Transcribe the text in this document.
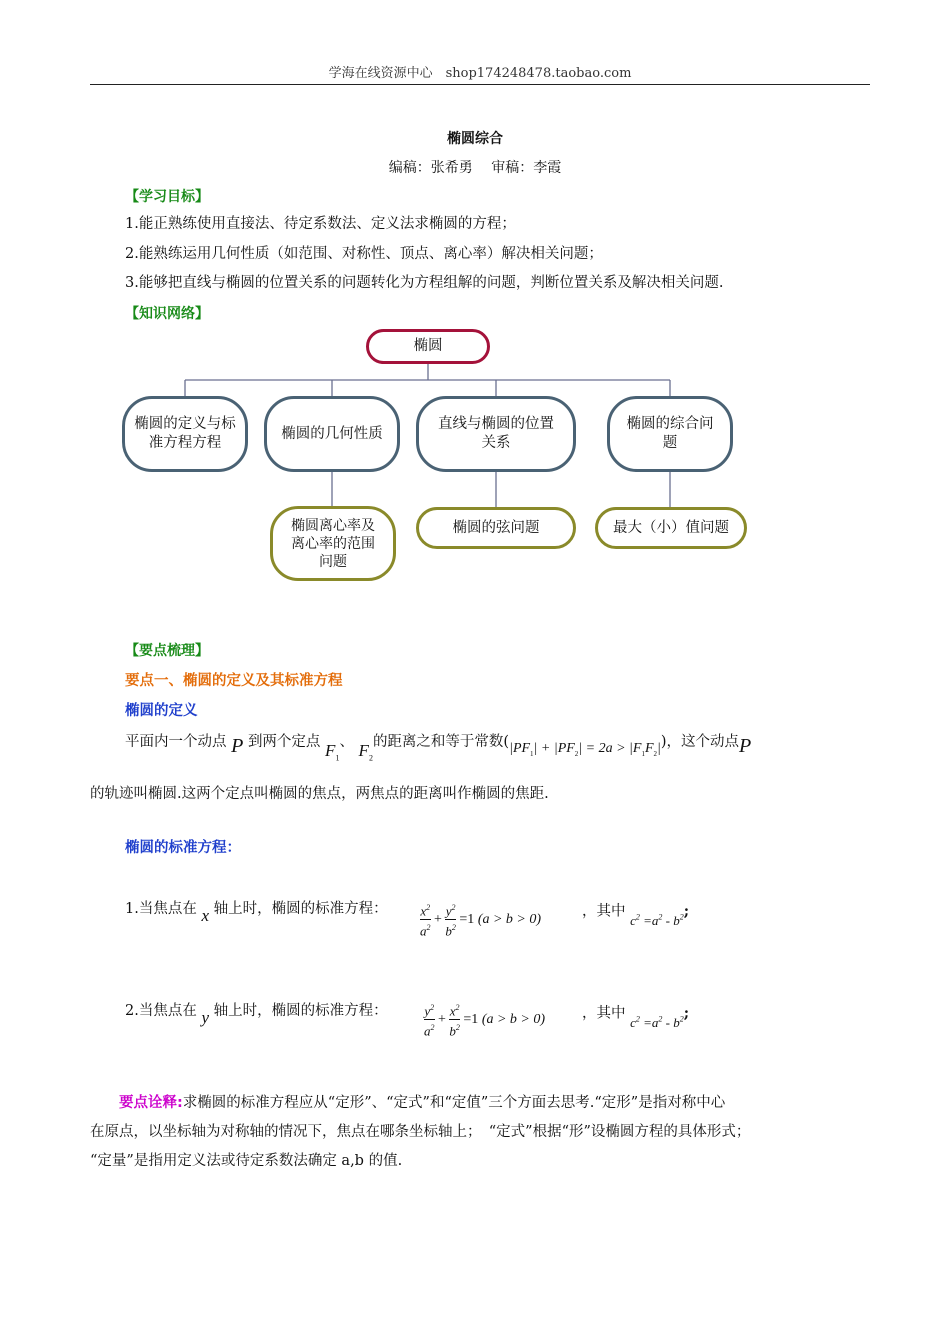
学海在线资源中心　shop174248478.taobao.com
椭圆综合
编稿：张希勇　 审稿：李霞
【学习目标】
1.能正熟练使用直接法、待定系数法、定义法求椭圆的方程；
2.能熟练运用几何性质（如范围、对称性、顶点、离心率）解决相关问题；
3.能够把直线与椭圆的位置关系的问题转化为方程组解的问题，判断位置关系及解决相关问题.
【知识网络】
椭圆
椭圆的定义与标准方程方程
椭圆的几何性质
直线与椭圆的位置关系
椭圆的综合问题
椭圆离心率及离心率的范围问题
椭圆的弦问题	最大（小）值问题
【要点梳理】
要点一、椭圆的定义及其标准方程
椭圆的定义
平面内一个动点 P 到两个定点 $F_1$、 $F_2$的距离之和等于常数$(|PF_1| + |PF_2| = 2a > |F_1F_2|)$，这个动点P
的轨迹叫椭圆.这两个定点叫椭圆的焦点，两焦点的距离叫作椭圆的焦距.
椭圆的标准方程：
1.当焦点在 x 轴上时，椭圆的标准方程： $\frac{x^2}{a^2} + \frac{y^2}{b^2} =1$ (a > b > 0)	，其中 $c^2 =a^2 - b^2$;
2.当焦点在 y 轴上时，椭圆的标准方程：	$\frac{y^2}{a^2} + \frac{x^2}{b^2} =1$ (a > b > 0)	，其中 $c^2 =a^2 - b^2$;
  要点诠释:求椭圆的标准方程应从“定形”、“定式”和“定值”三个方面去思考.“定形”是指对称中心
在原点，以坐标轴为对称轴的情况下，焦点在哪条坐标轴上；　“定式”根据“形”设椭圆方程的具体形式；
“定量”是指用定义法或待定系数法确定 a,b 的值.
